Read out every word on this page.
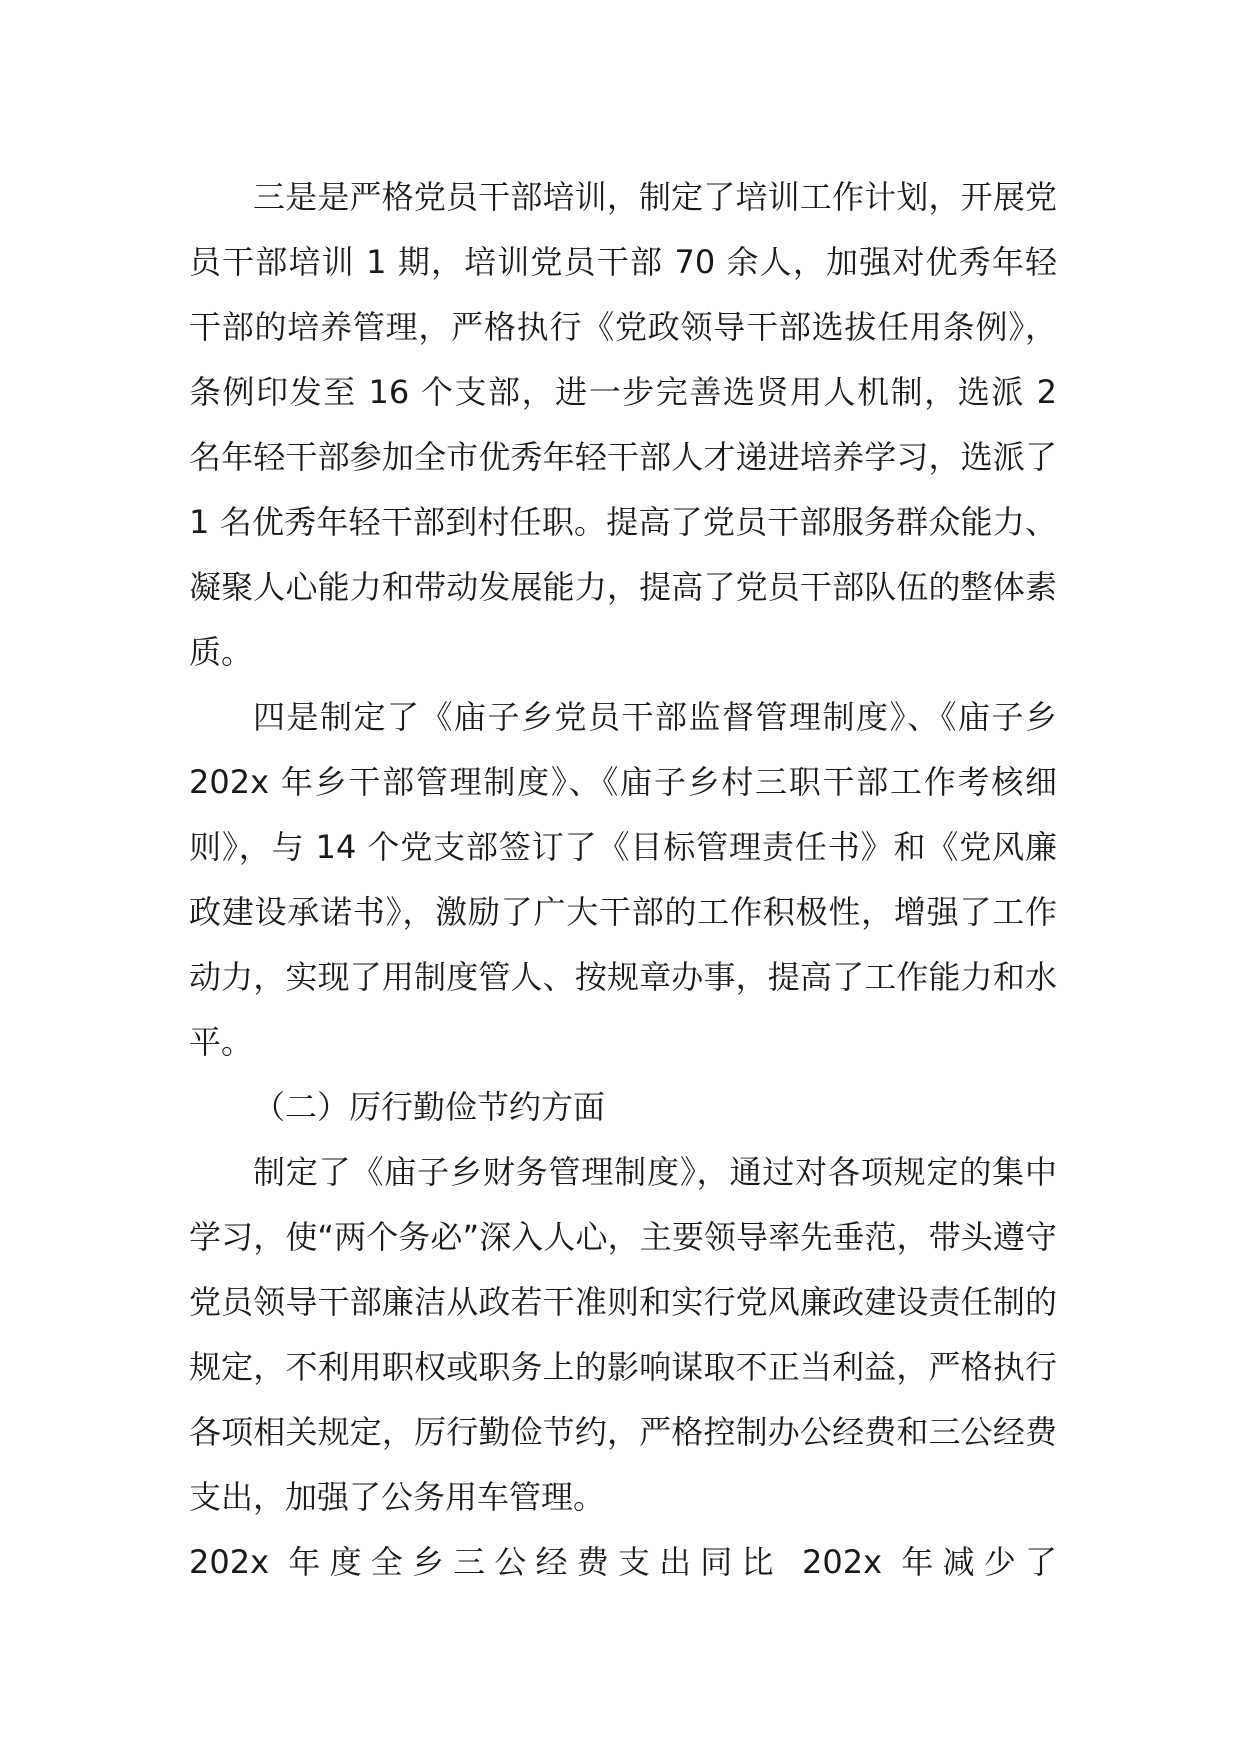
三是是严格党员干部培训，制定了培训工作计划，开展党员干部培训 1 期，培训党员干部 70 余人，加强对优秀年轻干部的培养管理，严格执行《党政领导干部选拔任用条例》，条例印发至 16 个支部，进一步完善选贤用人机制，选派 2 名年轻干部参加全市优秀年轻干部人才递进培养学习，选派了 1 名优秀年轻干部到村任职。提高了党员干部服务群众能力、凝聚人心能力和带动发展能力，提高了党员干部队伍的整体素质。

四是制定了《庙子乡党员干部监督管理制度》、《庙子乡 202x 年乡干部管理制度》、《庙子乡村三职干部工作考核细则》，与 14 个党支部签订了《目标管理责任书》和《党风廉政建设承诺书》，激励了广大干部的工作积极性，增强了工作动力，实现了用制度管人、按规章办事，提高了工作能力和水平。

（二）厉行勤俭节约方面

制定了《庙子乡财务管理制度》，通过对各项规定的集中学习，使“两个务必”深入人心，主要领导率先垂范，带头遵守党员领导干部廉洁从政若干准则和实行党风廉政建设责任制的规定，不利用职权或职务上的影响谋取不正当利益，严格执行各项相关规定，厉行勤俭节约，严格控制办公经费和三公经费支出，加强了公务用车管理。

202x 年度全乡三公经费支出同比 202x 年减少了
